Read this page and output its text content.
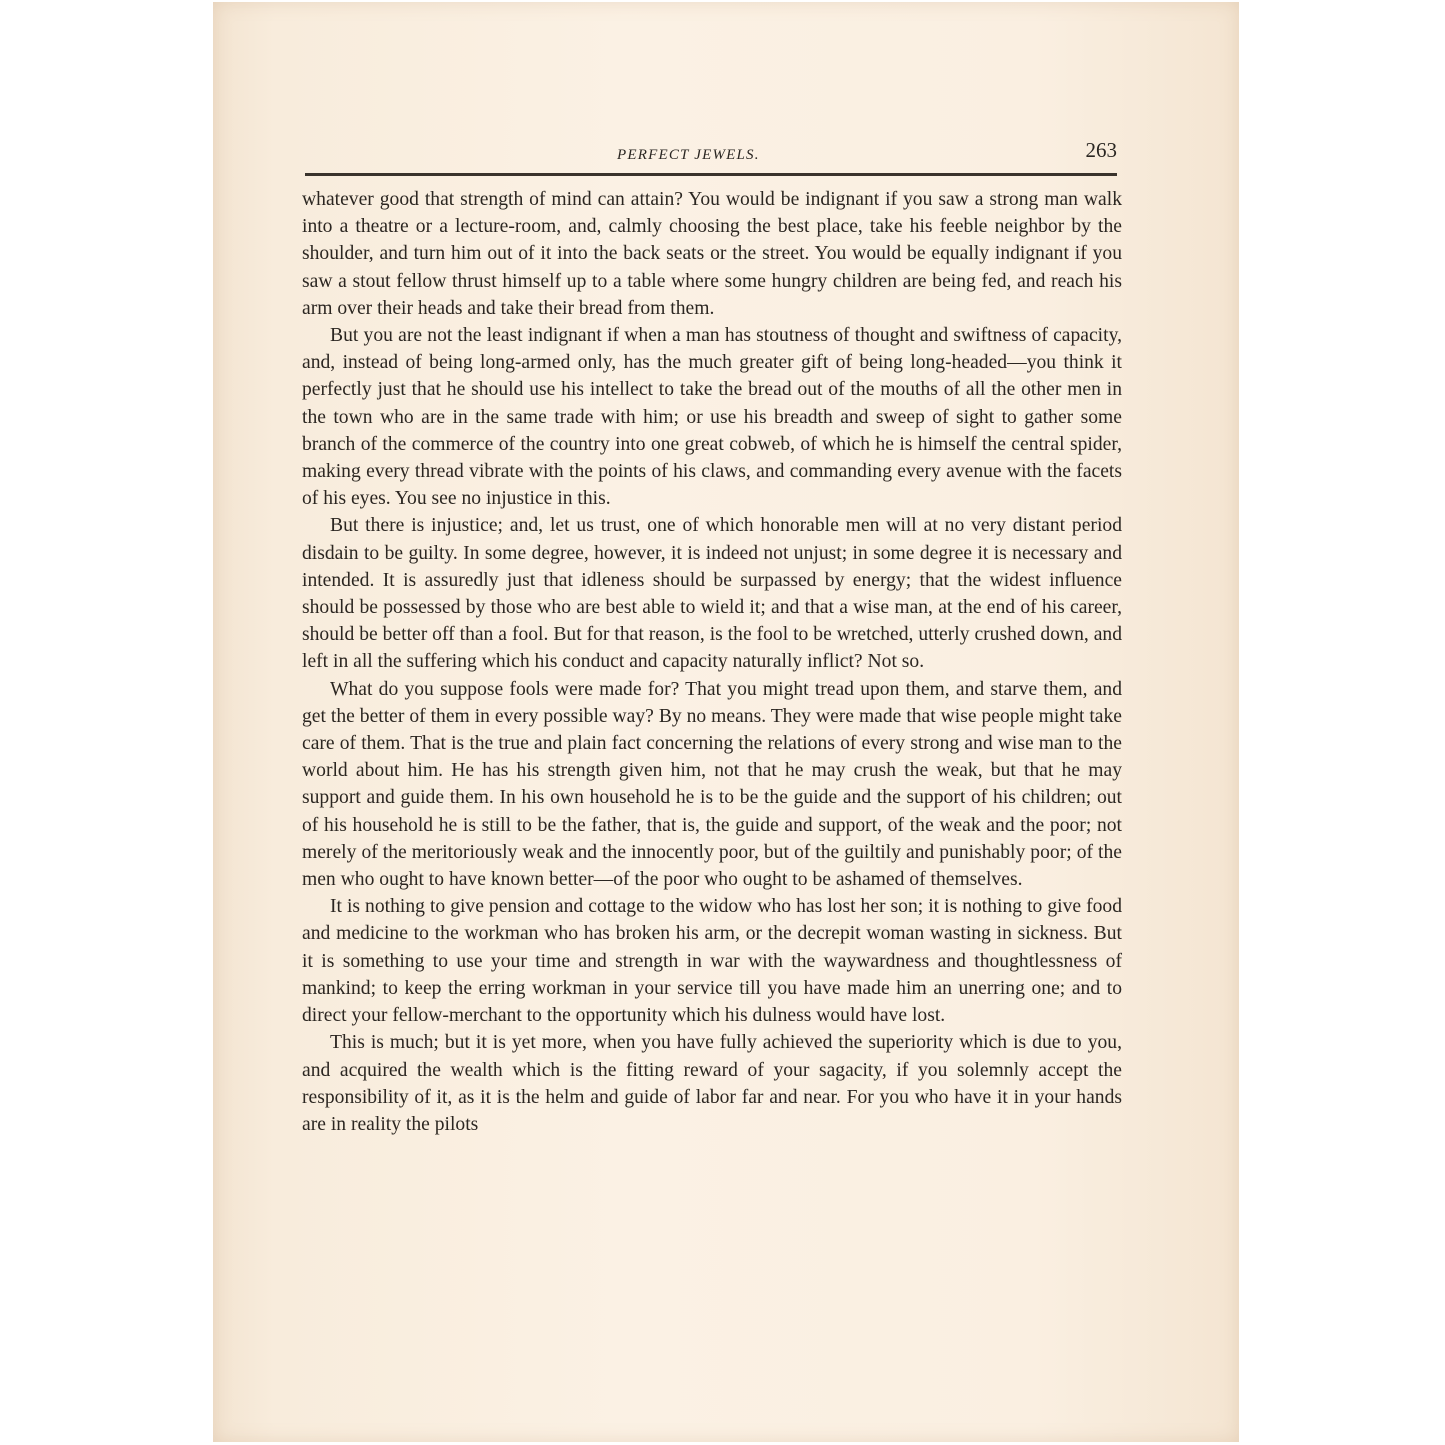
PERFECT JEWELS.	263

whatever good that strength of mind can attain? You would be indignant if you saw a strong man walk into a theatre or a lecture-room, and, calmly choosing the best place, take his feeble neighbor by the shoulder, and turn him out of it into the back seats or the street. You would be equally indignant if you saw a stout fellow thrust himself up to a table where some hungry children are being fed, and reach his arm over their heads and take their bread from them.

But you are not the least indignant if when a man has stoutness of thought and swiftness of capacity, and, instead of being long-armed only, has the much greater gift of being long-headed—you think it perfectly just that he should use his intellect to take the bread out of the mouths of all the other men in the town who are in the same trade with him; or use his breadth and sweep of sight to gather some branch of the commerce of the country into one great cobweb, of which he is himself the central spider, making every thread vibrate with the points of his claws, and commanding every avenue with the facets of his eyes. You see no injustice in this.

But there is injustice; and, let us trust, one of which honorable men will at no very distant period disdain to be guilty. In some degree, however, it is indeed not unjust; in some degree it is necessary and intended. It is assuredly just that idleness should be surpassed by energy; that the widest influence should be possessed by those who are best able to wield it; and that a wise man, at the end of his career, should be better off than a fool. But for that reason, is the fool to be wretched, utterly crushed down, and left in all the suffering which his conduct and capacity naturally inflict? Not so.

What do you suppose fools were made for? That you might tread upon them, and starve them, and get the better of them in every possible way? By no means. They were made that wise people might take care of them. That is the true and plain fact concerning the relations of every strong and wise man to the world about him. He has his strength given him, not that he may crush the weak, but that he may support and guide them. In his own household he is to be the guide and the support of his children; out of his household he is still to be the father, that is, the guide and support, of the weak and the poor; not merely of the meritoriously weak and the innocently poor, but of the guiltily and punishably poor; of the men who ought to have known better—of the poor who ought to be ashamed of themselves.

It is nothing to give pension and cottage to the widow who has lost her son; it is nothing to give food and medicine to the workman who has broken his arm, or the decrepit woman wasting in sickness. But it is something to use your time and strength in war with the waywardness and thoughtlessness of mankind; to keep the erring workman in your service till you have made him an unerring one; and to direct your fellow-merchant to the opportunity which his dulness would have lost.

This is much; but it is yet more, when you have fully achieved the superiority which is due to you, and acquired the wealth which is the fitting reward of your sagacity, if you solemnly accept the responsibility of it, as it is the helm and guide of labor far and near. For you who have it in your hands are in reality the pilots
